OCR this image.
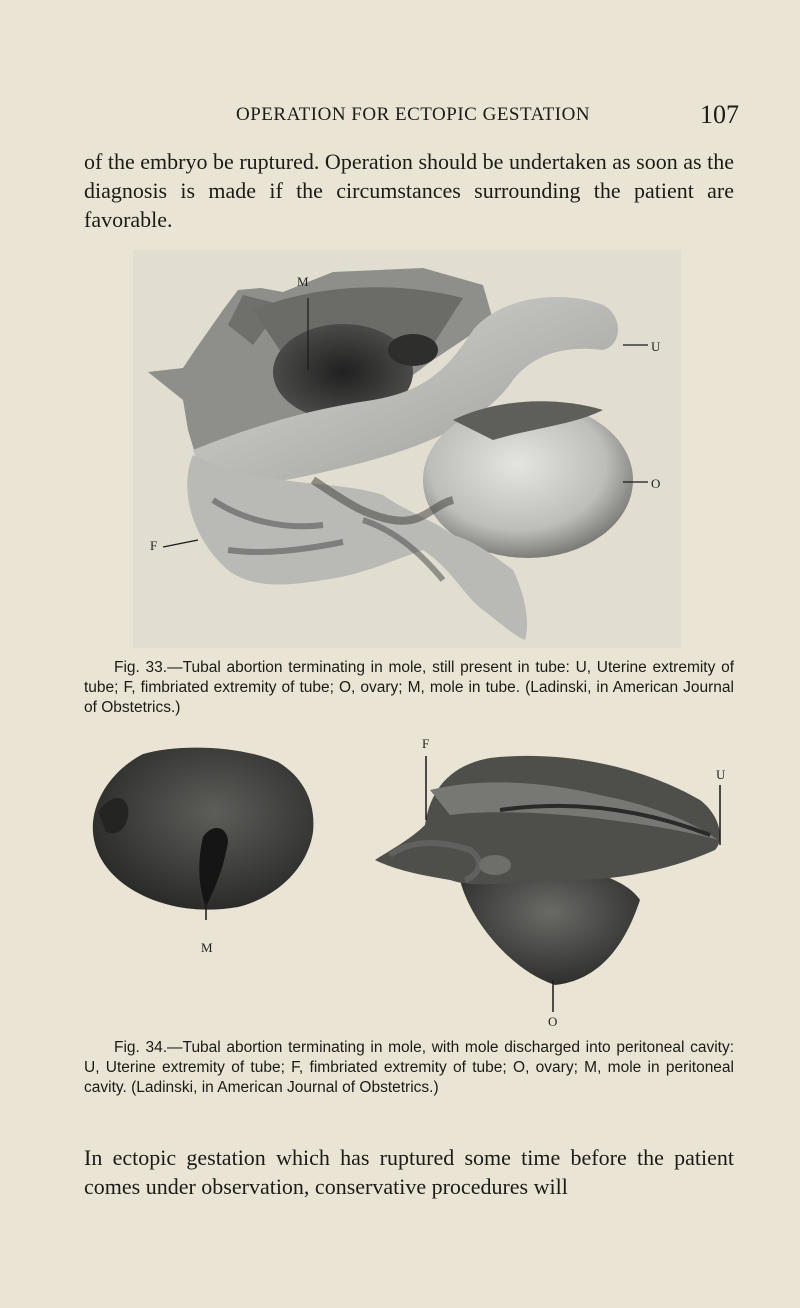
OPERATION FOR ECTOPIC GESTATION	107

of the embryo be ruptured. Operation should be undertaken as soon as the diagnosis is made if the circumstances surrounding the patient are favorable.

M
U
O
F

Fig. 33.—Tubal abortion terminating in mole, still present in tube: U, Uterine extremity of tube; F, fimbriated extremity of tube; O, ovary; M, mole in tube. (Ladinski, in American Journal of Obstetrics.)

M
F
U
O

Fig. 34.—Tubal abortion terminating in mole, with mole discharged into peritoneal cavity: U, Uterine extremity of tube; F, fimbriated extremity of tube; O, ovary; M, mole in peritoneal cavity. (Ladinski, in American Journal of Obstetrics.)

In ectopic gestation which has ruptured some time before the patient comes under observation, conservative procedures will
